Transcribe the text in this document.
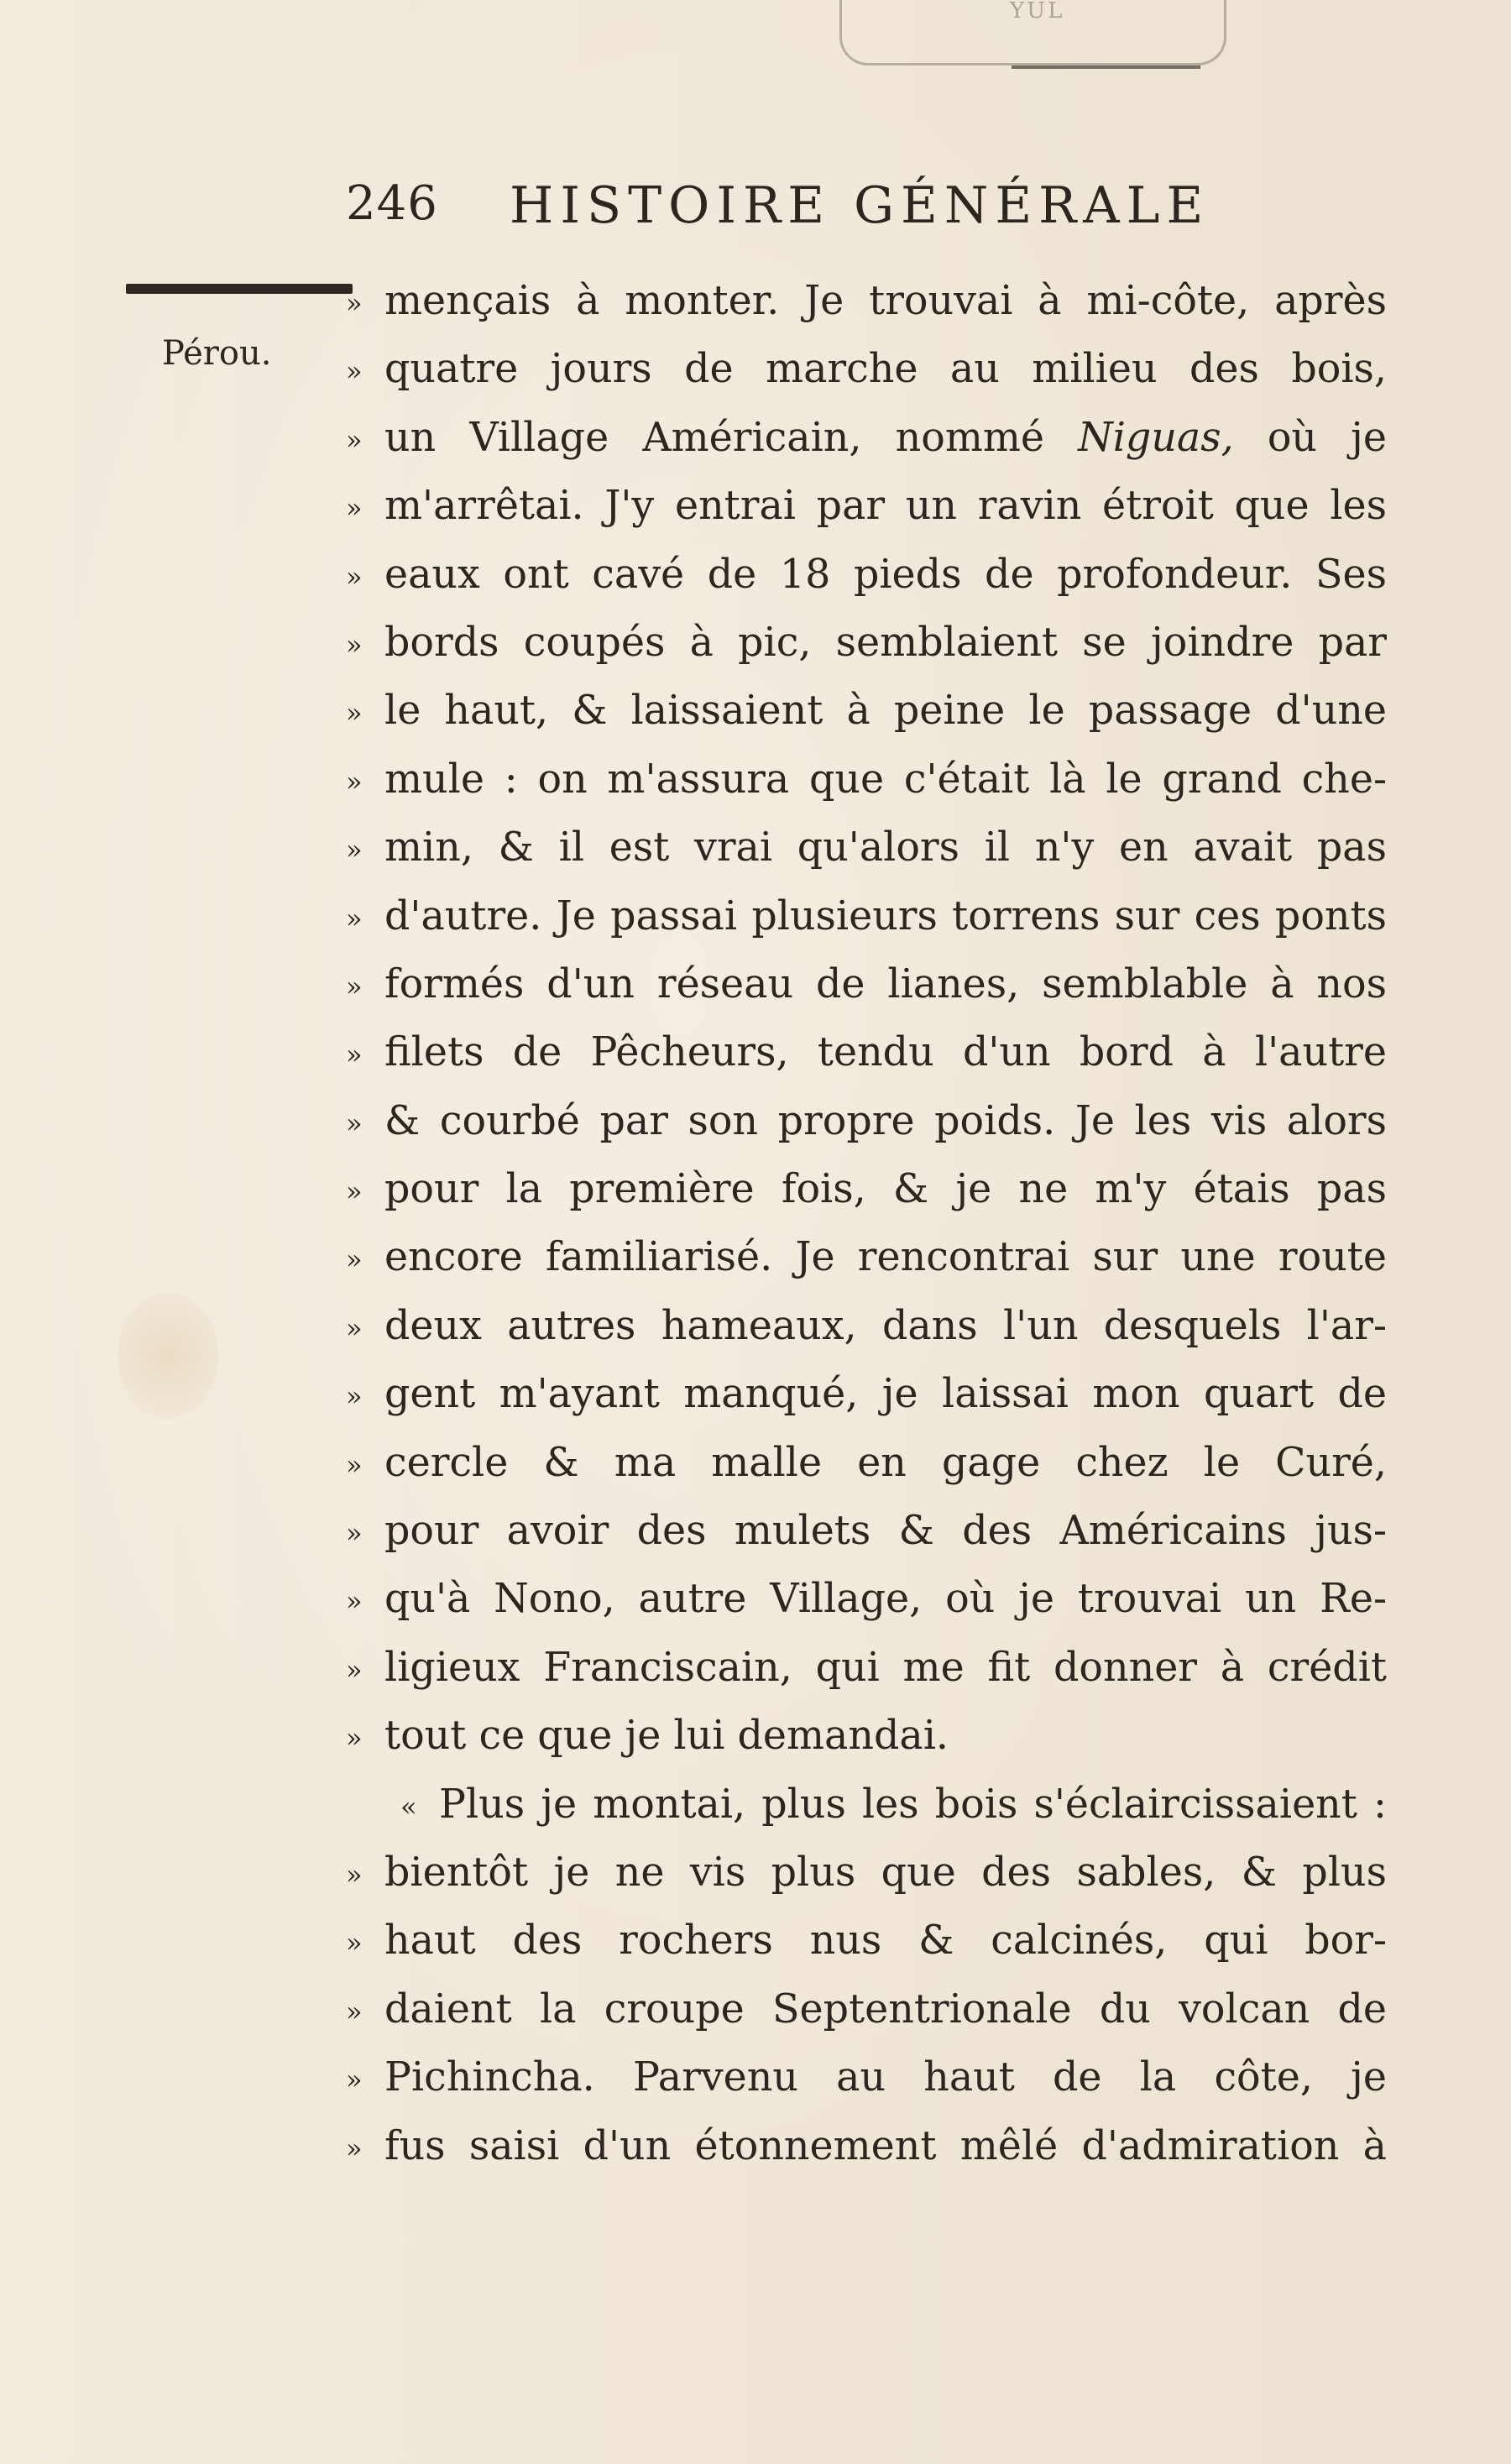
YUL
246 HISTOIRE GÉNÉRALE
Pérou.
» mençais à monter. Je trouvai à mi-côte, après
» quatre jours de marche au milieu des bois,
» un Village Américain, nommé Niguas, où je
» m'arrêtai. J'y entrai par un ravin étroit que les
» eaux ont cavé de 18 pieds de profondeur. Ses
» bords coupés à pic, semblaient se joindre par
» le haut, & laissaient à peine le passage d'une
» mule : on m'assura que c'était là le grand che-
» min, & il est vrai qu'alors il n'y en avait pas
» d'autre. Je passai plusieurs torrens sur ces ponts
» formés d'un réseau de lianes, semblable à nos
» filets de Pêcheurs, tendu d'un bord à l'autre
» & courbé par son propre poids. Je les vis alors
» pour la première fois, & je ne m'y étais pas
» encore familiarisé. Je rencontrai sur une route
» deux autres hameaux, dans l'un desquels l'ar-
» gent m'ayant manqué, je laissai mon quart de
» cercle & ma malle en gage chez le Curé,
» pour avoir des mulets & des Américains jus-
» qu'à Nono, autre Village, où je trouvai un Re-
» ligieux Franciscain, qui me fit donner à crédit
» tout ce que je lui demandai.
« Plus je montai, plus les bois s'éclaircissaient :
» bientôt je ne vis plus que des sables, & plus
» haut des rochers nus & calcinés, qui bor-
» daient la croupe Septentrionale du volcan de
» Pichincha. Parvenu au haut de la côte, je
» fus saisi d'un étonnement mêlé d'admiration à
